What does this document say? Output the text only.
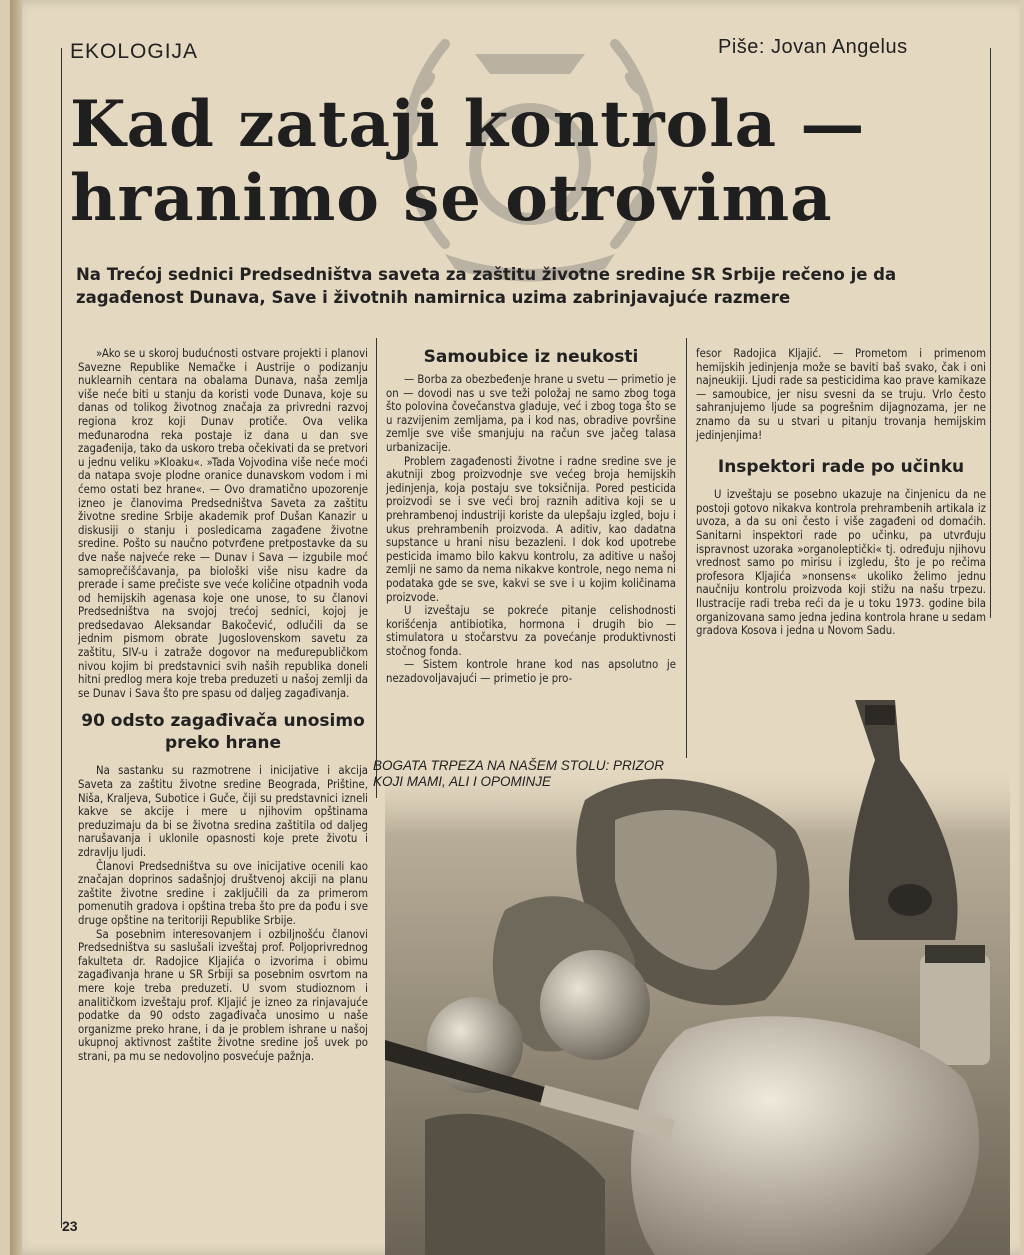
EKOLOGIJA	Piše: Jovan Angelus
Kad zataji kontrola —
hranimo se otrovima
Na Trećoj sednici Predsedništva saveta za zaštitu životne sredine SR Srbije rečeno je da zagađenost Dunava, Save i životnih namirnica uzima zabrinjavajuće razmere

»Ako se u skoroj budućnosti ostvare projekti i planovi Savezne Republike Nemačke i Austrije o podizanju nuklearnih centara na obalama Dunava, naša zemlja više neće biti u stanju da koristi vode Dunava, koje su danas od tolikog životnog značaja za privredni razvoj regiona kroz koji Dunav protiče. Ova velika međunarodna reka postaje iz dana u dan sve zagađenija, tako da uskoro treba očekivati da se pretvori u jednu veliku »Kloaku«. »Tada Vojvodina više neće moći da natapa svoje plodne oranice dunavskom vodom i mi ćemo ostati bez hrane«. — Ovo dramatično upozorenje izneo je članovima Predsedništva Saveta za zaštitu životne sredine Srbije akademik prof Dušan Kanazir u diskusiji o stanju i posledicama zagađene životne sredine. Pošto su naučno potvrđene pretpostavke da su dve naše najveće reke — Dunav i Sava — izgubile moć samoprečišćavanja, pa biološki više nisu kadre da prerade i same prečiste sve veće količine otpadnih voda od hemijskih agenasa koje one unose, to su članovi Predsedništva na svojoj trećoj sednici, kojoj je predsedavao Aleksandar Bakočević, odlučili da se jednim pismom obrate Jugoslovenskom savetu za zaštitu, SIV-u i zatraže dogovor na međurepubličkom nivou kojim bi predstavnici svih naših republika doneli hitni predlog mera koje treba preduzeti u našoj zemlji da se Dunav i Sava što pre spasu od daljeg zagađivanja.

90 odsto zagađivača unosimo preko hrane

Na sastanku su razmotrene i inicijative i akcija Saveta za zaštitu životne sredine Beograda, Prištine, Niša, Kraljeva, Subotice i Guče, čiji su predstavnici izneli kakve se akcije i mere u njihovim opštinama preduzimaju da bi se životna sredina zaštitila od daljeg narušavanja i uklonile opasnosti koje prete životu i zdravlju ljudi.

Članovi Predsedništva su ove inicijative ocenili kao značajan doprinos sadašnjoj društvenoj akciji na planu zaštite životne sredine i zaključili da za primerom pomenutih gradova i opština treba što pre da pođu i sve druge opštine na teritoriji Republike Srbije.

Sa posebnim interesovanjem i ozbiljnošću članovi Predsedništva su saslušali izveštaj prof. Poljoprivrednog fakulteta dr. Radojice Kljajića o izvorima i obimu zagađivanja hrane u SR Srbiji sa posebnim osvrtom na mere koje treba preduzeti. U svom studioznom i analitičkom izveštaju prof. Kljajić je izneo za rinjavajuće podatke da 90 odsto zagađivača unosimo u naše organizme preko hrane, i da je problem ishrane u našoj ukupnoj aktivnost zaštite životne sredine još uvek po strani, pa mu se nedovoljno posvećuje pažnja.

Samoubice iz neukosti

— Borba za obezbeđenje hrane u svetu — primetio je on — dovodi nas u sve teži položaj ne samo zbog toga što polovina čovečanstva gladuje, već i zbog toga što se u razvijenim zemljama, pa i kod nas, obradive površine zemlje sve više smanjuju na račun sve jačeg talasa urbanizacije.

Problem zagađenosti životne i radne sredine sve je akutniji zbog proizvodnje sve većeg broja hemijskih jedinjenja, koja postaju sve toksičnija. Pored pesticida proizvodi se i sve veći broj raznih aditiva koji se u prehrambenoj industriji koriste da ulepšaju izgled, boju i ukus prehrambenih proizvoda. A aditiv, kao dadatna supstance u hrani nisu bezazleni. I dok kod upotrebe pesticida imamo bilo kakvu kontrolu, za aditive u našoj zemlji ne samo da nema nikakve kontrole, nego nema ni podataka gde se sve, kakvi se sve i u kojim količinama proizvode.

U izveštaju se pokreće pitanje celishodnosti korišćenja antibiotika, hormona i drugih bio — stimulatora u stočarstvu za povećanje produktivnosti stočnog fonda.

— Sistem kontrole hrane kod nas apsolutno je nezadovoljavajući — primetio je pro-

fesor Radojica Kljajić. — Prometom i primenom hemijskih jedinjenja može se baviti baš svako, čak i oni najneukiji. Ljudi rade sa pesticidima kao prave kamikaze — samoubice, jer nisu svesni da se truju. Vrlo često sahranjujemo ljude sa pogrešnim dijagnozama, jer ne znamo da su u stvari u pitanju trovanja hemijskim jedinjenjima!

Inspektori rade po učinku

U izveštaju se posebno ukazuje na činjenicu da ne postoji gotovo nikakva kontrola prehrambenih artikala iz uvoza, a da su oni često i više zagađeni od domaćih. Sanitarni inspektori rade po učinku, pa utvrđuju ispravnost uzoraka »organoleptički« tj. određuju njihovu vrednost samo po mirisu i izgledu, što je po rečima profesora Kljajića »nonsens« ukoliko želimo jednu naučniju kontrolu proizvoda koji stižu na našu trpezu. Ilustracije radi treba reći da je u toku 1973. godine bila organizovana samo jedna jedina kontrola hrane u sedam gradova Kosova i jedna u Novom Sadu.

BOGATA TRPEZA NA NAŠEM STOLU: PRIZOR KOJI MAMI, ALI I OPOMINJE
23
